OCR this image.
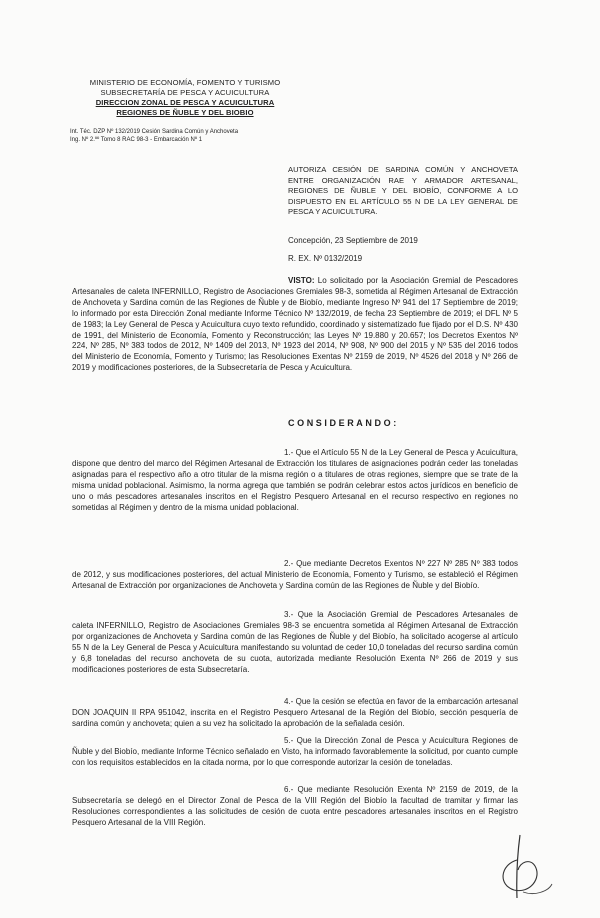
MINISTERIO DE ECONOMÍA, FOMENTO Y TURISMO
SUBSECRETARÍA DE PESCA Y ACUICULTURA
DIRECCION ZONAL DE PESCA Y ACUICULTURA
REGIONES DE ÑUBLE Y DEL BIOBIO
Int. Téc. DZP Nº 132/2019 Cesión Sardina Común y Anchoveta
Ing. Nº 2.ºº Tomo 8 RAC 98-3 - Embarcación Nº 1
AUTORIZA CESIÓN DE SARDINA COMÚN Y ANCHOVETA ENTRE ORGANIZACIÓN RAE Y ARMADOR ARTESANAL, REGIONES DE ÑUBLE Y DEL BIOBÍO, CONFORME A LO DISPUESTO EN EL ARTÍCULO 55 N DE LA LEY GENERAL DE PESCA Y ACUICULTURA.
Concepción, 23 Septiembre de 2019
R. EX. Nº 0132/2019

VISTO: Lo solicitado por la Asociación Gremial de Pescadores Artesanales de caleta INFERNILLO, Registro de Asociaciones Gremiales 98-3, sometida al Régimen Artesanal de Extracción de Anchoveta y Sardina común de las Regiones de Ñuble y de Biobío, mediante Ingreso Nº 941 del 17 Septiembre de 2019; lo informado por esta Dirección Zonal mediante Informe Técnico Nº 132/2019, de fecha 23 Septiembre de 2019; el DFL Nº 5 de 1983; la Ley General de Pesca y Acuicultura cuyo texto refundido, coordinado y sistematizado fue fijado por el D.S. Nº 430 de 1991, del Ministerio de Economía, Fomento y Reconstrucción; las Leyes Nº 19.880 y 20.657; los Decretos Exentos Nº 224, Nº 285, Nº 383 todos de 2012, Nº 1409 del 2013, Nº 1923 del 2014, Nº 908, Nº 900 del 2015 y Nº 535 del 2016 todos del Ministerio de Economía, Fomento y Turismo; las Resoluciones Exentas Nº 2159 de 2019, Nº 4526 del 2018 y Nº 266 de 2019 y modificaciones posteriores, de la Subsecretaría de Pesca y Acuicultura.

CONSIDERANDO:

1.- Que el Artículo 55 N de la Ley General de Pesca y Acuicultura, dispone que dentro del marco del Régimen Artesanal de Extracción los titulares de asignaciones podrán ceder las toneladas asignadas para el respectivo año a otro titular de la misma región o a titulares de otras regiones, siempre que se trate de la misma unidad poblacional. Asimismo, la norma agrega que también se podrán celebrar estos actos jurídicos en beneficio de uno o más pescadores artesanales inscritos en el Registro Pesquero Artesanal en el recurso respectivo en regiones no sometidas al Régimen y dentro de la misma unidad poblacional.

2.- Que mediante Decretos Exentos Nº 227 Nº 285 Nº 383 todos de 2012, y sus modificaciones posteriores, del actual Ministerio de Economía, Fomento y Turismo, se estableció el Régimen Artesanal de Extracción por organizaciones de Anchoveta y Sardina común de las Regiones de Ñuble y del Biobío.

3.- Que la Asociación Gremial de Pescadores Artesanales de caleta INFERNILLO, Registro de Asociaciones Gremiales 98-3 se encuentra sometida al Régimen Artesanal de Extracción por organizaciones de Anchoveta y Sardina común de las Regiones de Ñuble y del Biobío, ha solicitado acogerse al artículo 55 N de la Ley General de Pesca y Acuicultura manifestando su voluntad de ceder 10,0 toneladas del recurso sardina común y 6,8 toneladas del recurso anchoveta de su cuota, autorizada mediante Resolución Exenta Nº 266 de 2019 y sus modificaciones posteriores de esta Subsecretaría.

4.- Que la cesión se efectúa en favor de la embarcación artesanal DON JOAQUIN II RPA 951042, inscrita en el Registro Pesquero Artesanal de la Región del Biobío, sección pesquería de sardina común y anchoveta; quien a su vez ha solicitado la aprobación de la señalada cesión.

5.- Que la Dirección Zonal de Pesca y Acuicultura Regiones de Ñuble y del Biobío, mediante Informe Técnico señalado en Visto, ha informado favorablemente la solicitud, por cuanto cumple con los requisitos establecidos en la citada norma, por lo que corresponde autorizar la cesión de toneladas.

6.- Que mediante Resolución Exenta Nº 2159 de 2019, de la Subsecretaría se delegó en el Director Zonal de Pesca de la VIII Región del Biobío la facultad de tramitar y firmar las Resoluciones correspondientes a las solicitudes de cesión de cuota entre pescadores artesanales inscritos en el Registro Pesquero Artesanal de la VIII Región.
